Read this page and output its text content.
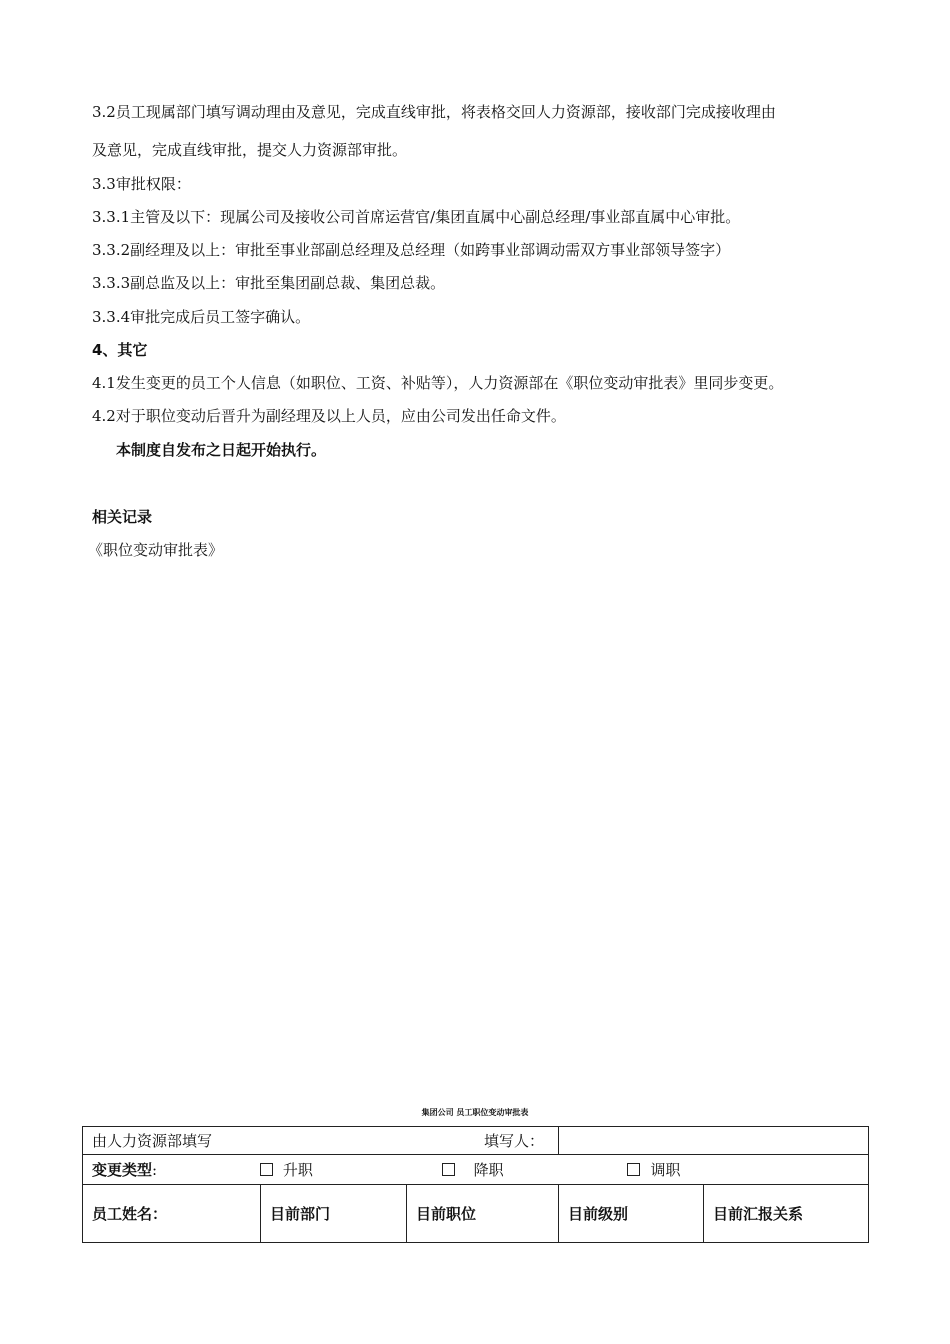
3.2员工现属部门填写调动理由及意见，完成直线审批，将表格交回人力资源部，接收部门完成接收理由
及意见，完成直线审批，提交人力资源部审批。
3.3审批权限：
3.3.1主管及以下：现属公司及接收公司首席运营官/集团直属中心副总经理/事业部直属中心审批。
3.3.2副经理及以上：审批至事业部副总经理及总经理（如跨事业部调动需双方事业部领导签字）
3.3.3副总监及以上：审批至集团副总裁、集团总裁。
3.3.4审批完成后员工签字确认。
4、其它
4.1发生变更的员工个人信息（如职位、工资、补贴等），人力资源部在《职位变动审批表》里同步变更。
4.2对于职位变动后晋升为副经理及以上人员，应由公司发出任命文件。
本制度自发布之日起开始执行。
相关记录
《职位变动审批表》
集团公司 员工职位变动审批表
由人力资源部填写			填写人：	
变更类型: 升职 降职 调职				
员工姓名：	目前部门	目前职位	目前级别	目前汇报关系
